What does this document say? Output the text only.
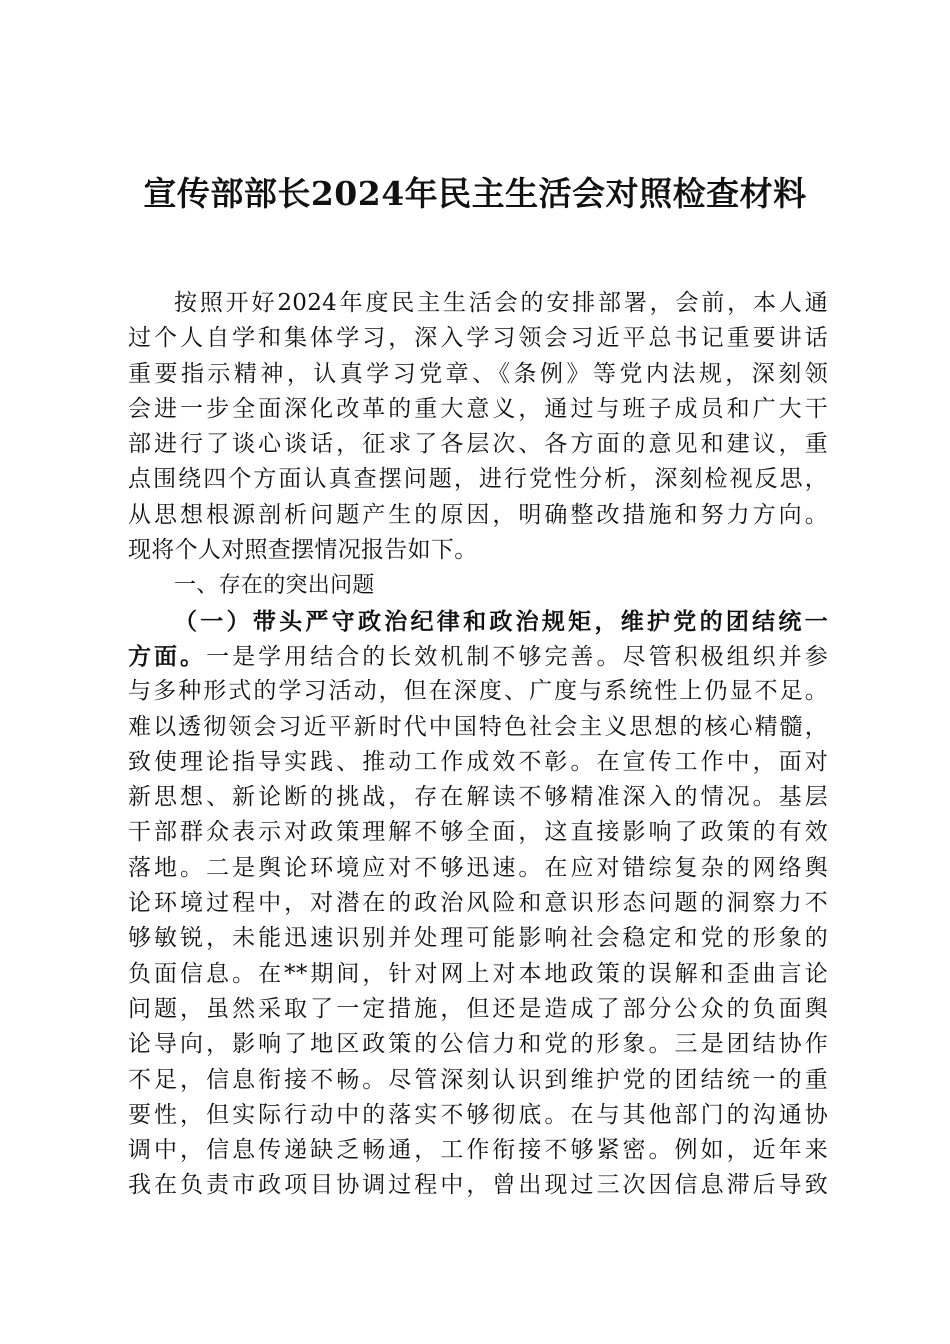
宣传部部长2024年民主生活会对照检查材料
按照开好2024年度民主生活会的安排部署，会前，本人通
过个人自学和集体学习，深入学习领会习近平总书记重要讲话
重要指示精神，认真学习党章、《条例》等党内法规，深刻领
会进一步全面深化改革的重大意义，通过与班子成员和广大干
部进行了谈心谈话，征求了各层次、各方面的意见和建议，重
点围绕四个方面认真查摆问题，进行党性分析，深刻检视反思，
从思想根源剖析问题产生的原因，明确整改措施和努力方向。
现将个人对照查摆情况报告如下。
一、存在的突出问题
（一）带头严守政治纪律和政治规矩，维护党的团结统一
方面。一是学用结合的长效机制不够完善。尽管积极组织并参
与多种形式的学习活动，但在深度、广度与系统性上仍显不足。
难以透彻领会习近平新时代中国特色社会主义思想的核心精髓，
致使理论指导实践、推动工作成效不彰。在宣传工作中，面对
新思想、新论断的挑战，存在解读不够精准深入的情况。基层
干部群众表示对政策理解不够全面，这直接影响了政策的有效
落地。二是舆论环境应对不够迅速。在应对错综复杂的网络舆
论环境过程中，对潜在的政治风险和意识形态问题的洞察力不
够敏锐，未能迅速识别并处理可能影响社会稳定和党的形象的
负面信息。在**期间，针对网上对本地政策的误解和歪曲言论
问题，虽然采取了一定措施，但还是造成了部分公众的负面舆
论导向，影响了地区政策的公信力和党的形象。三是团结协作
不足，信息衔接不畅。尽管深刻认识到维护党的团结统一的重
要性，但实际行动中的落实不够彻底。在与其他部门的沟通协
调中，信息传递缺乏畅通，工作衔接不够紧密。例如，近年来
我在负责市政项目协调过程中，曾出现过三次因信息滞后导致
